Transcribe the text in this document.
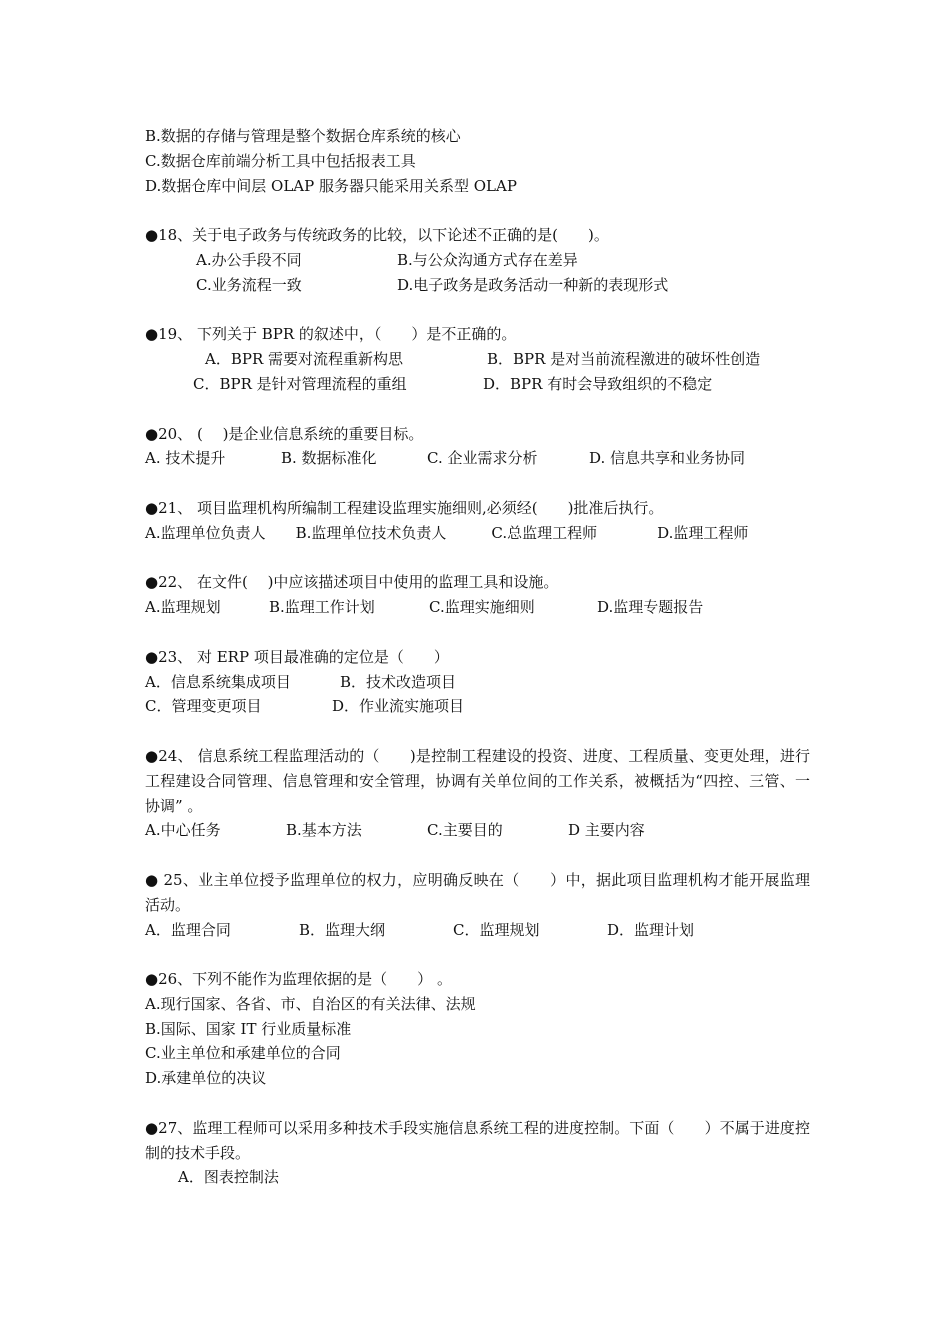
B.数据的存储与管理是整个数据仓库系统的核心
C.数据仓库前端分析工具中包括报表工具
D.数据仓库中间层 OLAP 服务器只能采用关系型 OLAP
●18、关于电子政务与传统政务的比较，以下论述不正确的是(　　)。
A.办公手段不同	B.与公众沟通方式存在差异
C.业务流程一致	D.电子政务是政务活动一种新的表现形式
●19、 下列关于 BPR 的叙述中，（　　）是不正确的。
A．BPR 需要对流程重新构思	B．BPR 是对当前流程激进的破坏性创造
C．BPR 是针对管理流程的重组	D．BPR 有时会导致组织的不稳定
●20、 (　 )是企业信息系统的重要目标。
A. 技术提升	B. 数据标准化	C. 企业需求分析	D. 信息共享和业务协同
●21、 项目监理机构所编制工程建设监理实施细则,必须经(　　)批准后执行。
A.监理单位负责人　　B.监理单位技术负责人　　　C.总监理工程师　　　　D.监理工程师
●22、 在文件(　 )中应该描述项目中使用的监理工具和设施。
A.监理规划	B.监理工作计划	C.监理实施细则	D.监理专题报告
●23、 对 ERP 项目最准确的定位是（　　）
A．信息系统集成项目	B．技术改造项目
C．管理变更项目	D．作业流实施项目
●24、 信息系统工程监理活动的（　　)是控制工程建设的投资、进度、工程质量、变更处理，进行工程建设合同管理、信息管理和安全管理，协调有关单位间的工作关系，被概括为“四控、三管、一协调” 。
A.中心任务	B.基本方法	C.主要目的	D 主要内容
● 25、业主单位授予监理单位的权力，应明确反映在（　　）中，据此项目监理机构才能开展监理活动。
A．监理合同	B．监理大纲	C．监理规划	D．监理计划
●26、下列不能作为监理依据的是（　　） 。
A.现行国家、各省、市、自治区的有关法律、法规
B.国际、国家 IT 行业质量标准
C.业主单位和承建单位的合同
D.承建单位的决议
●27、监理工程师可以采用多种技术手段实施信息系统工程的进度控制。下面（　　）不属于进度控制的技术手段。
A．图表控制法
